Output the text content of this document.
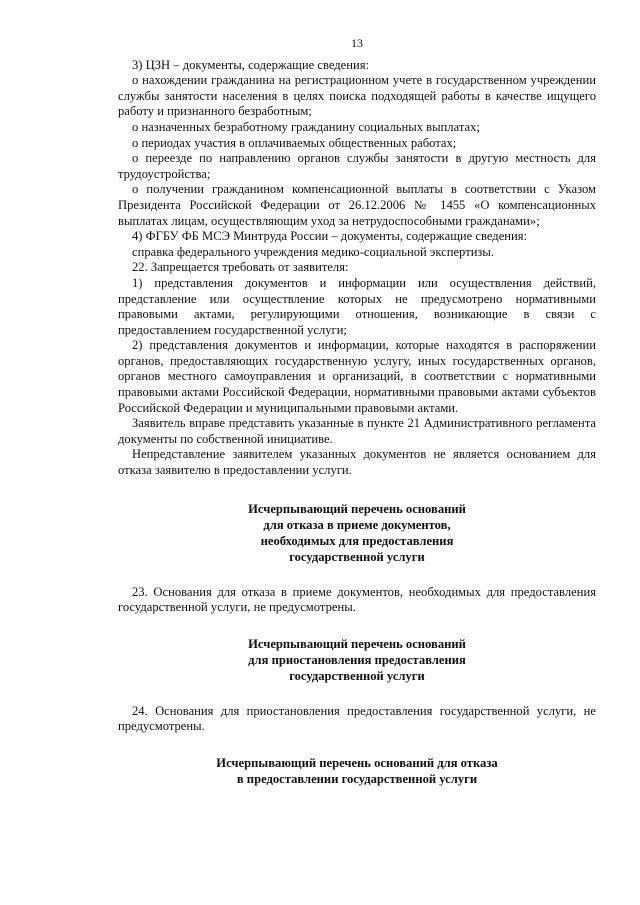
13

3) ЦЗН – документы, содержащие сведения:

о нахождении гражданина на регистрационном учете в государственном учреждении службы занятости населения в целях поиска подходящей работы в качестве ищущего работу и признанного безработным;

о назначенных безработному гражданину социальных выплатах;

о периодах участия в оплачиваемых общественных работах;

о переезде по направлению органов службы занятости в другую местность для трудоустройства;

о получении гражданином компенсационной выплаты в соответствии с Указом Президента Российской Федерации от 26.12.2006 № 1455 «О компенсационных выплатах лицам, осуществляющим уход за нетрудоспособными гражданами»;

4) ФГБУ ФБ МСЭ Минтруда России – документы, содержащие сведения:

справка федерального учреждения медико-социальной экспертизы.

22. Запрещается требовать от заявителя:

1) представления документов и информации или осуществления действий, представление или осуществление которых не предусмотрено нормативными правовыми актами, регулирующими отношения, возникающие в связи с предоставлением государственной услуги;

2) представления документов и информации, которые находятся в распоряжении органов, предоставляющих государственную услугу, иных государственных органов, органов местного самоуправления и организаций, в соответствии с нормативными правовыми актами Российской Федерации, нормативными правовыми актами субъектов Российской Федерации и муниципальными правовыми актами.

Заявитель вправе представить указанные в пункте 21 Административного регламента документы по собственной инициативе.

Непредставление заявителем указанных документов не является основанием для отказа заявителю в предоставлении услуги.

Исчерпывающий перечень оснований
для отказа в приеме документов,
необходимых для предоставления
государственной услуги

23. Основания для отказа в приеме документов, необходимых для предоставления государственной услуги, не предусмотрены.

Исчерпывающий перечень оснований
для приостановления предоставления
государственной услуги

24. Основания для приостановления предоставления государственной услуги, не предусмотрены.

Исчерпывающий перечень оснований для отказа
в предоставлении государственной услуги
